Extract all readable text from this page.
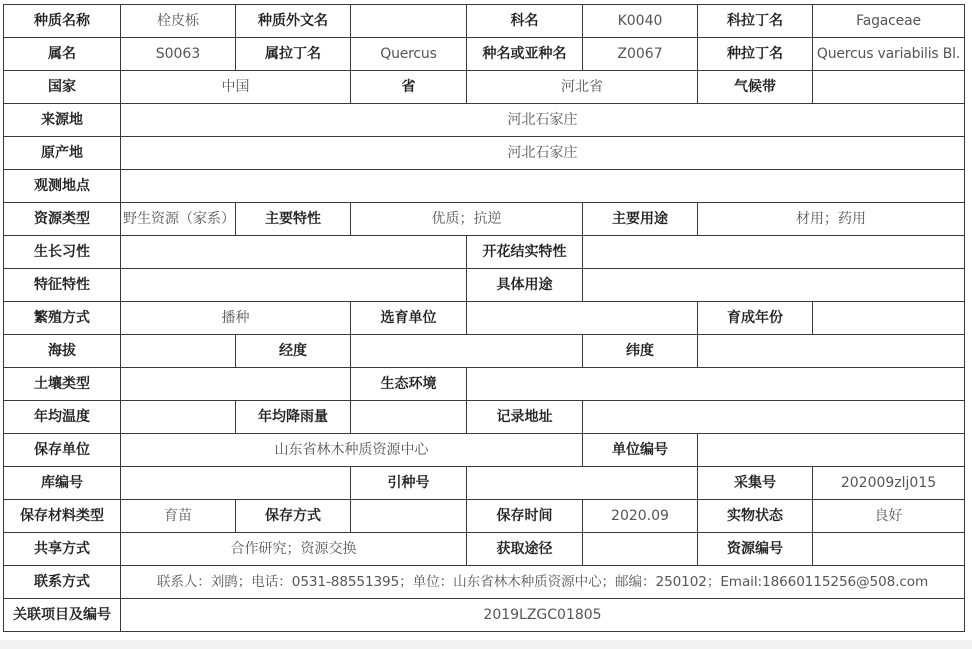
种质名称	栓皮栎	种质外文名		科名	K0040	科拉丁名	Fagaceae
属名	S0063	属拉丁名	Quercus	种名或亚种名	Z0067	种拉丁名	Quercus variabilis Bl.
国家	中国		省	河北省		气候带	
来源地	河北石家庄						
原产地	河北石家庄						
观测地点							
资源类型	野生资源（家系）	主要特性	优质；抗逆		主要用途	材用；药用	
生长习性				开花结实特性			
特征特性				具体用途			
繁殖方式	播种		选育单位			育成年份	
海拔		经度			纬度		
土壤类型			生态环境				
年均温度		年均降雨量		记录地址			
保存单位	山东省林木种质资源中心				单位编号		
库编号			引种号			采集号	202009zlj015
保存材料类型	育苗	保存方式		保存时间	2020.09	实物状态	良好
共享方式	合作研究；资源交换			获取途径		资源编号	
联系方式	联系人：刘鹍；电话：0531-88551395；单位：山东省林木种质资源中心；邮编：250102；Email:18660115256@508.com						
关联项目及编号	2019LZGC01805						
